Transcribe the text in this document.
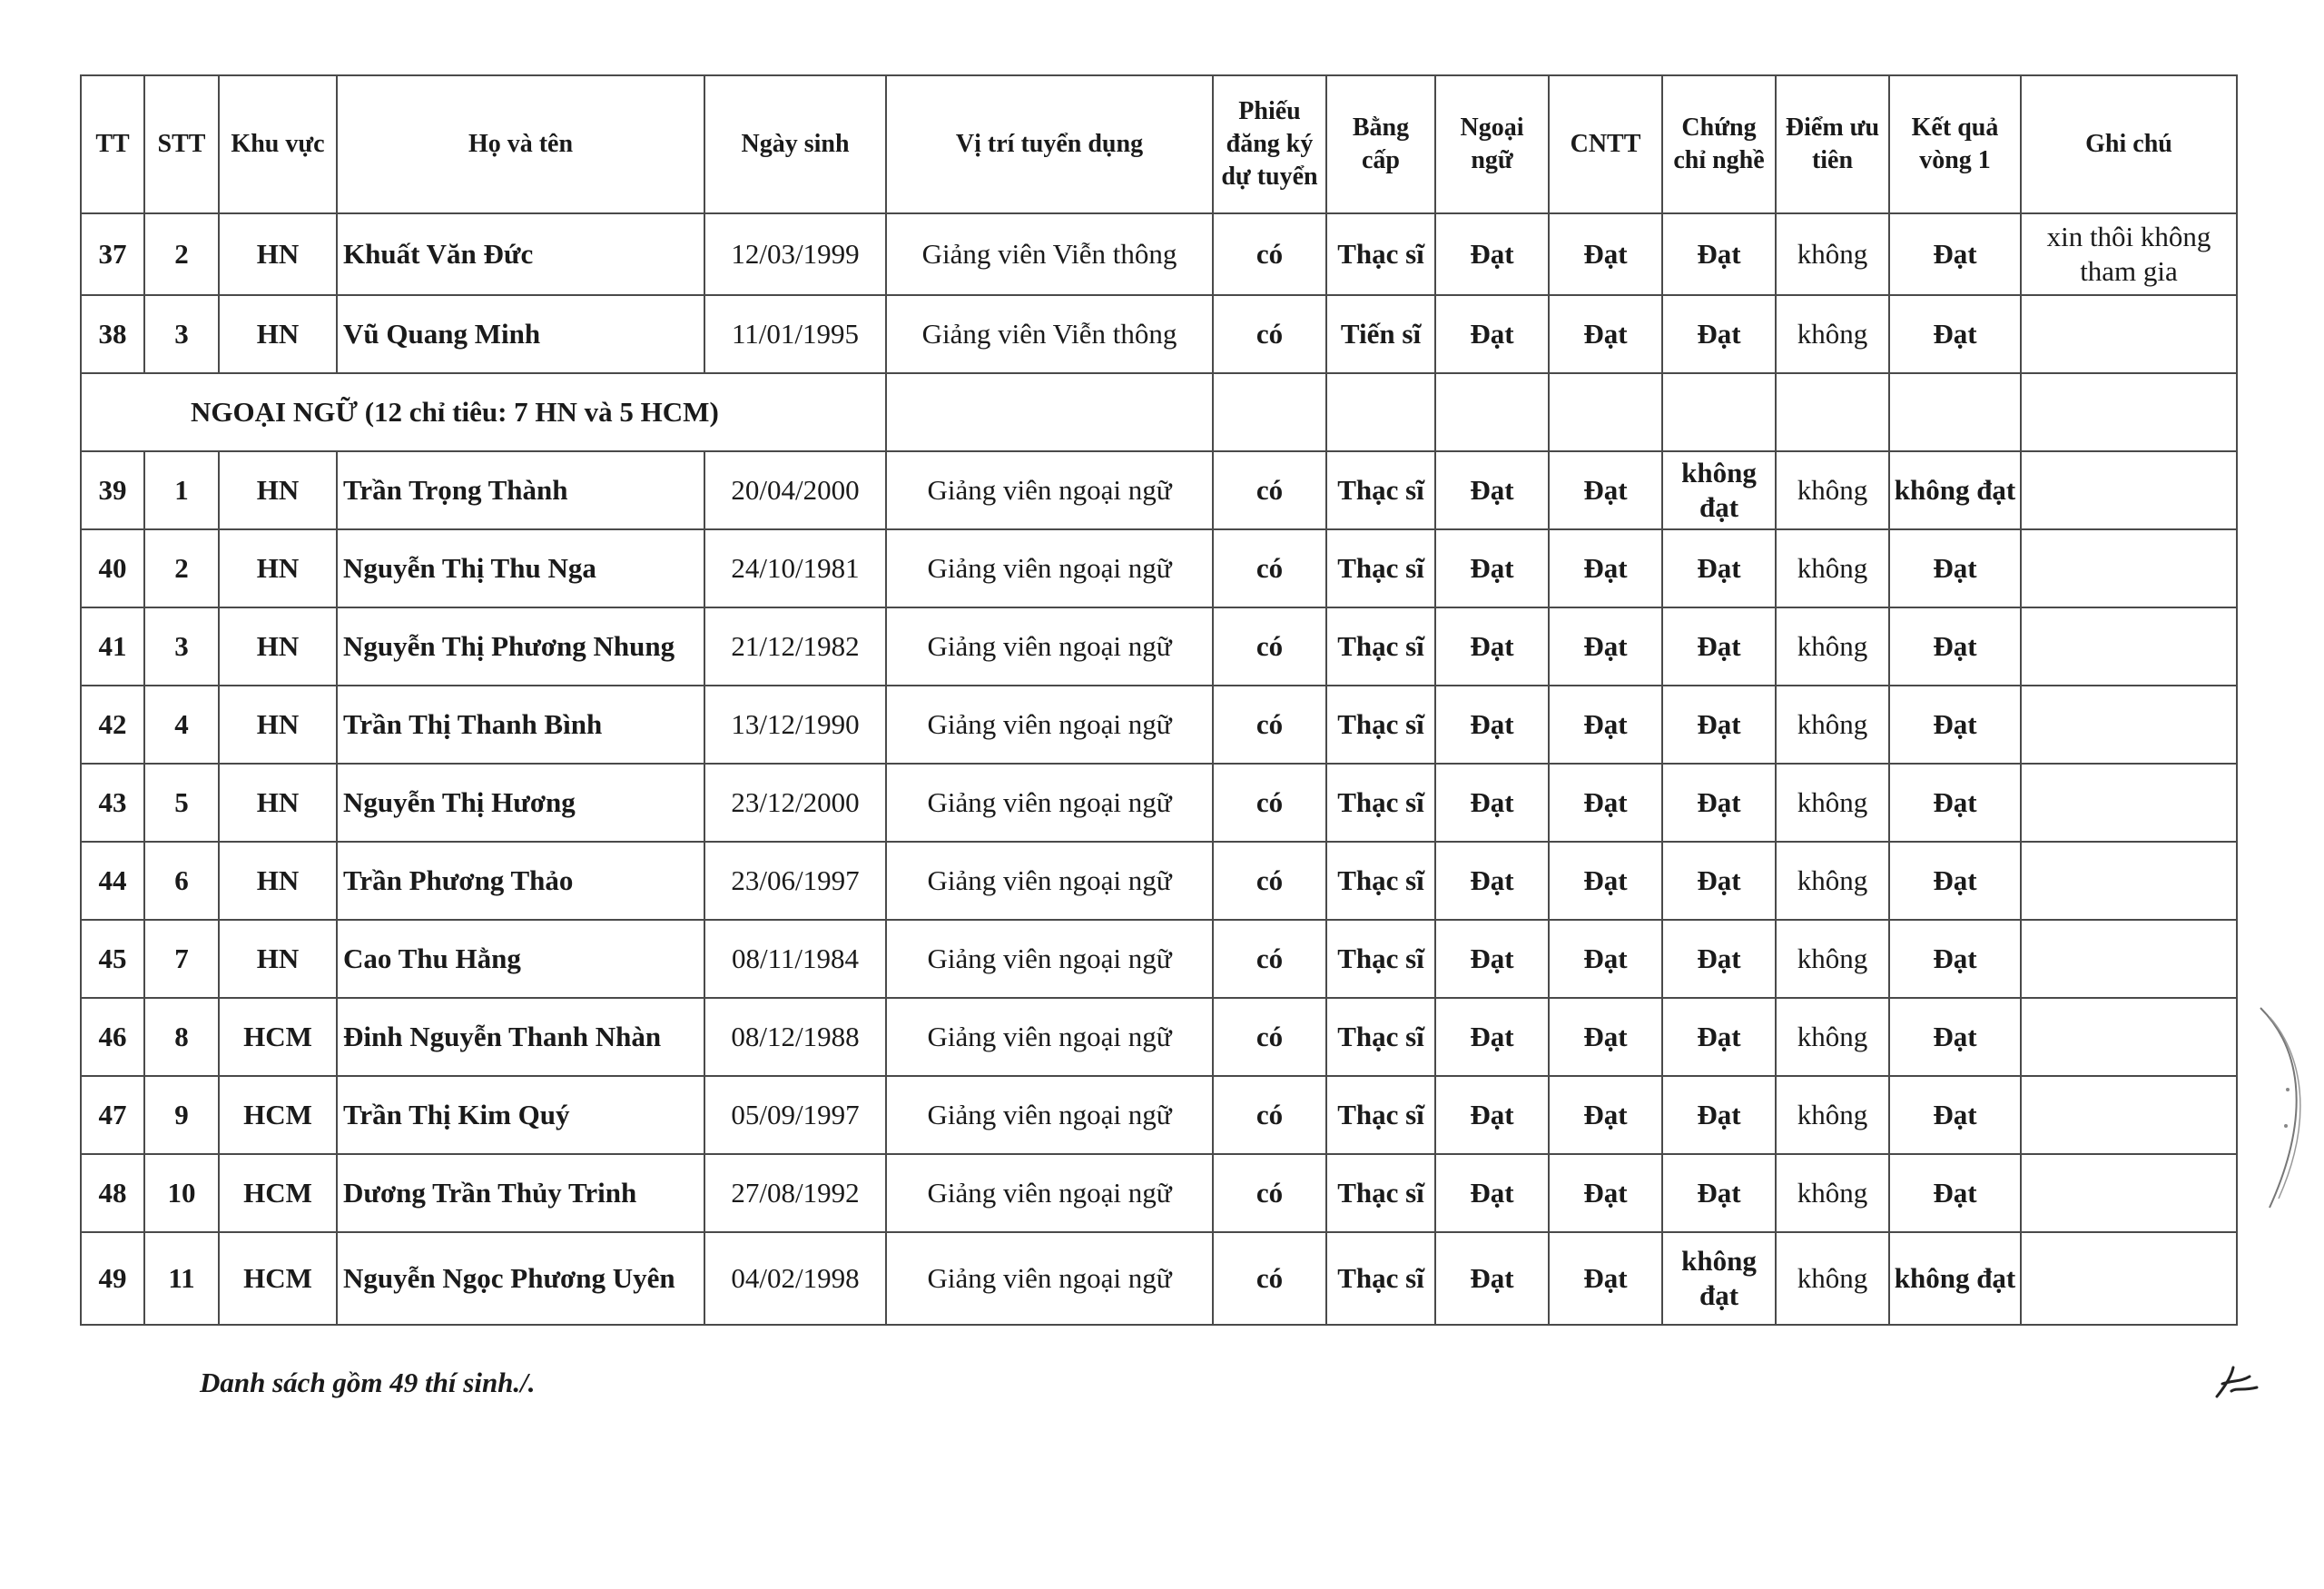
TT	STT	Khu vực	Họ và tên	Ngày sinh	Vị trí tuyển dụng	Phiếu đăng ký dự tuyển	Bằng cấp	Ngoại ngữ	CNTT	Chứng chỉ nghề	Điểm ưu tiên	Kết quả vòng 1	Ghi chú
37	2	HN	Khuất Văn Đức	12/03/1999	Giảng viên Viễn thông	có	Thạc sĩ	Đạt	Đạt	Đạt	không	Đạt	xin thôi không tham gia
38	3	HN	Vũ Quang Minh	11/01/1995	Giảng viên Viễn thông	có	Tiến sĩ	Đạt	Đạt	Đạt	không	Đạt	
NGOẠI NGỮ (12 chỉ tiêu: 7 HN và 5 HCM)													
39	1	HN	Trần Trọng Thành	20/04/2000	Giảng viên ngoại ngữ	có	Thạc sĩ	Đạt	Đạt	không đạt	không	không đạt	
40	2	HN	Nguyễn Thị Thu Nga	24/10/1981	Giảng viên ngoại ngữ	có	Thạc sĩ	Đạt	Đạt	Đạt	không	Đạt	
41	3	HN	Nguyễn Thị Phương Nhung	21/12/1982	Giảng viên ngoại ngữ	có	Thạc sĩ	Đạt	Đạt	Đạt	không	Đạt	
42	4	HN	Trần Thị Thanh Bình	13/12/1990	Giảng viên ngoại ngữ	có	Thạc sĩ	Đạt	Đạt	Đạt	không	Đạt	
43	5	HN	Nguyễn Thị Hương	23/12/2000	Giảng viên ngoại ngữ	có	Thạc sĩ	Đạt	Đạt	Đạt	không	Đạt	
44	6	HN	Trần Phương Thảo	23/06/1997	Giảng viên ngoại ngữ	có	Thạc sĩ	Đạt	Đạt	Đạt	không	Đạt	
45	7	HN	Cao Thu Hằng	08/11/1984	Giảng viên ngoại ngữ	có	Thạc sĩ	Đạt	Đạt	Đạt	không	Đạt	
46	8	HCM	Đinh Nguyễn Thanh Nhàn	08/12/1988	Giảng viên ngoại ngữ	có	Thạc sĩ	Đạt	Đạt	Đạt	không	Đạt	
47	9	HCM	Trần Thị Kim Quý	05/09/1997	Giảng viên ngoại ngữ	có	Thạc sĩ	Đạt	Đạt	Đạt	không	Đạt	
48	10	HCM	Dương Trần Thủy Trinh	27/08/1992	Giảng viên ngoại ngữ	có	Thạc sĩ	Đạt	Đạt	Đạt	không	Đạt	
49	11	HCM	Nguyễn Ngọc Phương Uyên	04/02/1998	Giảng viên ngoại ngữ	có	Thạc sĩ	Đạt	Đạt	không đạt	không	không đạt	
Danh sách gồm 49 thí sinh./.
